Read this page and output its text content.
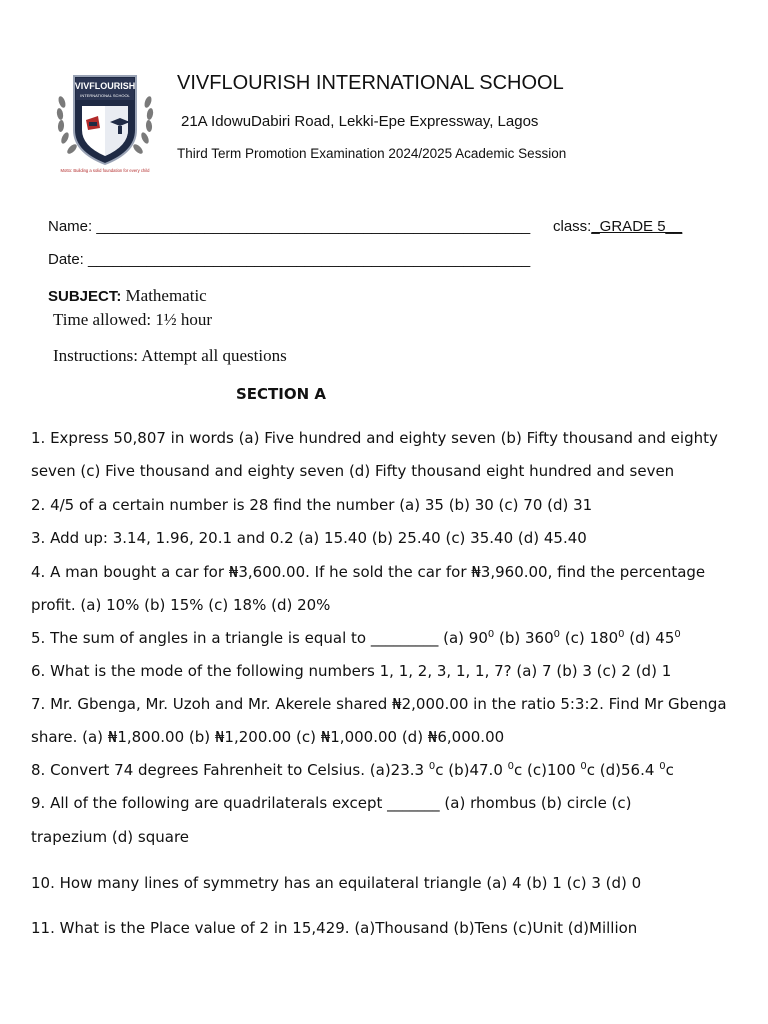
VIVFLOURISH
INTERNATIONAL SCHOOL
Motto: Building a solid foundation for every child
VIVFLOURISH INTERNATIONAL SCHOOL
21A IdowuDabiri Road, Lekki-Epe Expressway, Lagos
Third Term Promotion Examination 2024/2025 Academic Session
Name: ____________________________________________________ class:_GRADE 5__
Date: _____________________________________________________
SUBJECT: Mathematic
Time allowed: 1½ hour
Instructions: Attempt all questions
SECTION A
1. Express 50,807 in words (a) Five hundred and eighty seven (b) Fifty thousand and eighty
seven (c) Five thousand and eighty seven (d) Fifty thousand eight hundred and seven
2. 4/5 of a certain number is 28 find the number (a) 35 (b) 30 (c) 70 (d) 31
3. Add up: 3.14, 1.96, 20.1 and 0.2 (a) 15.40 (b) 25.40 (c) 35.40 (d) 45.40
4. A man bought a car for ₦3,600.00. If he sold the car for ₦3,960.00, find the percentage
profit. (a) 10% (b) 15% (c) 18% (d) 20%
5. The sum of angles in a triangle is equal to _________ (a) $90^0$ (b) $360^0$ (c) $180^0$ (d) $45^0$
6. What is the mode of the following numbers 1, 1, 2, 3, 1, 1, 7? (a) 7 (b) 3 (c) 2 (d) 1
7. Mr. Gbenga, Mr. Uzoh and Mr. Akerele shared ₦2,000.00 in the ratio 5:3:2. Find Mr Gbenga
share. (a) ₦1,800.00 (b) ₦1,200.00 (c) ₦1,000.00 (d) ₦6,000.00
8. Convert 74 degrees Fahrenheit to Celsius. (a)23.3 $^0$c (b)47.0 $^0$c (c)100 $^0$c (d)56.4 $^0$c
9. All of the following are quadrilaterals except _______ (a) rhombus (b) circle (c)
trapezium (d) square
10. How many lines of symmetry has an equilateral triangle (a) 4 (b) 1 (c) 3 (d) 0
11. What is the Place value of 2 in 15,429. (a)Thousand (b)Tens (c)Unit (d)Million
